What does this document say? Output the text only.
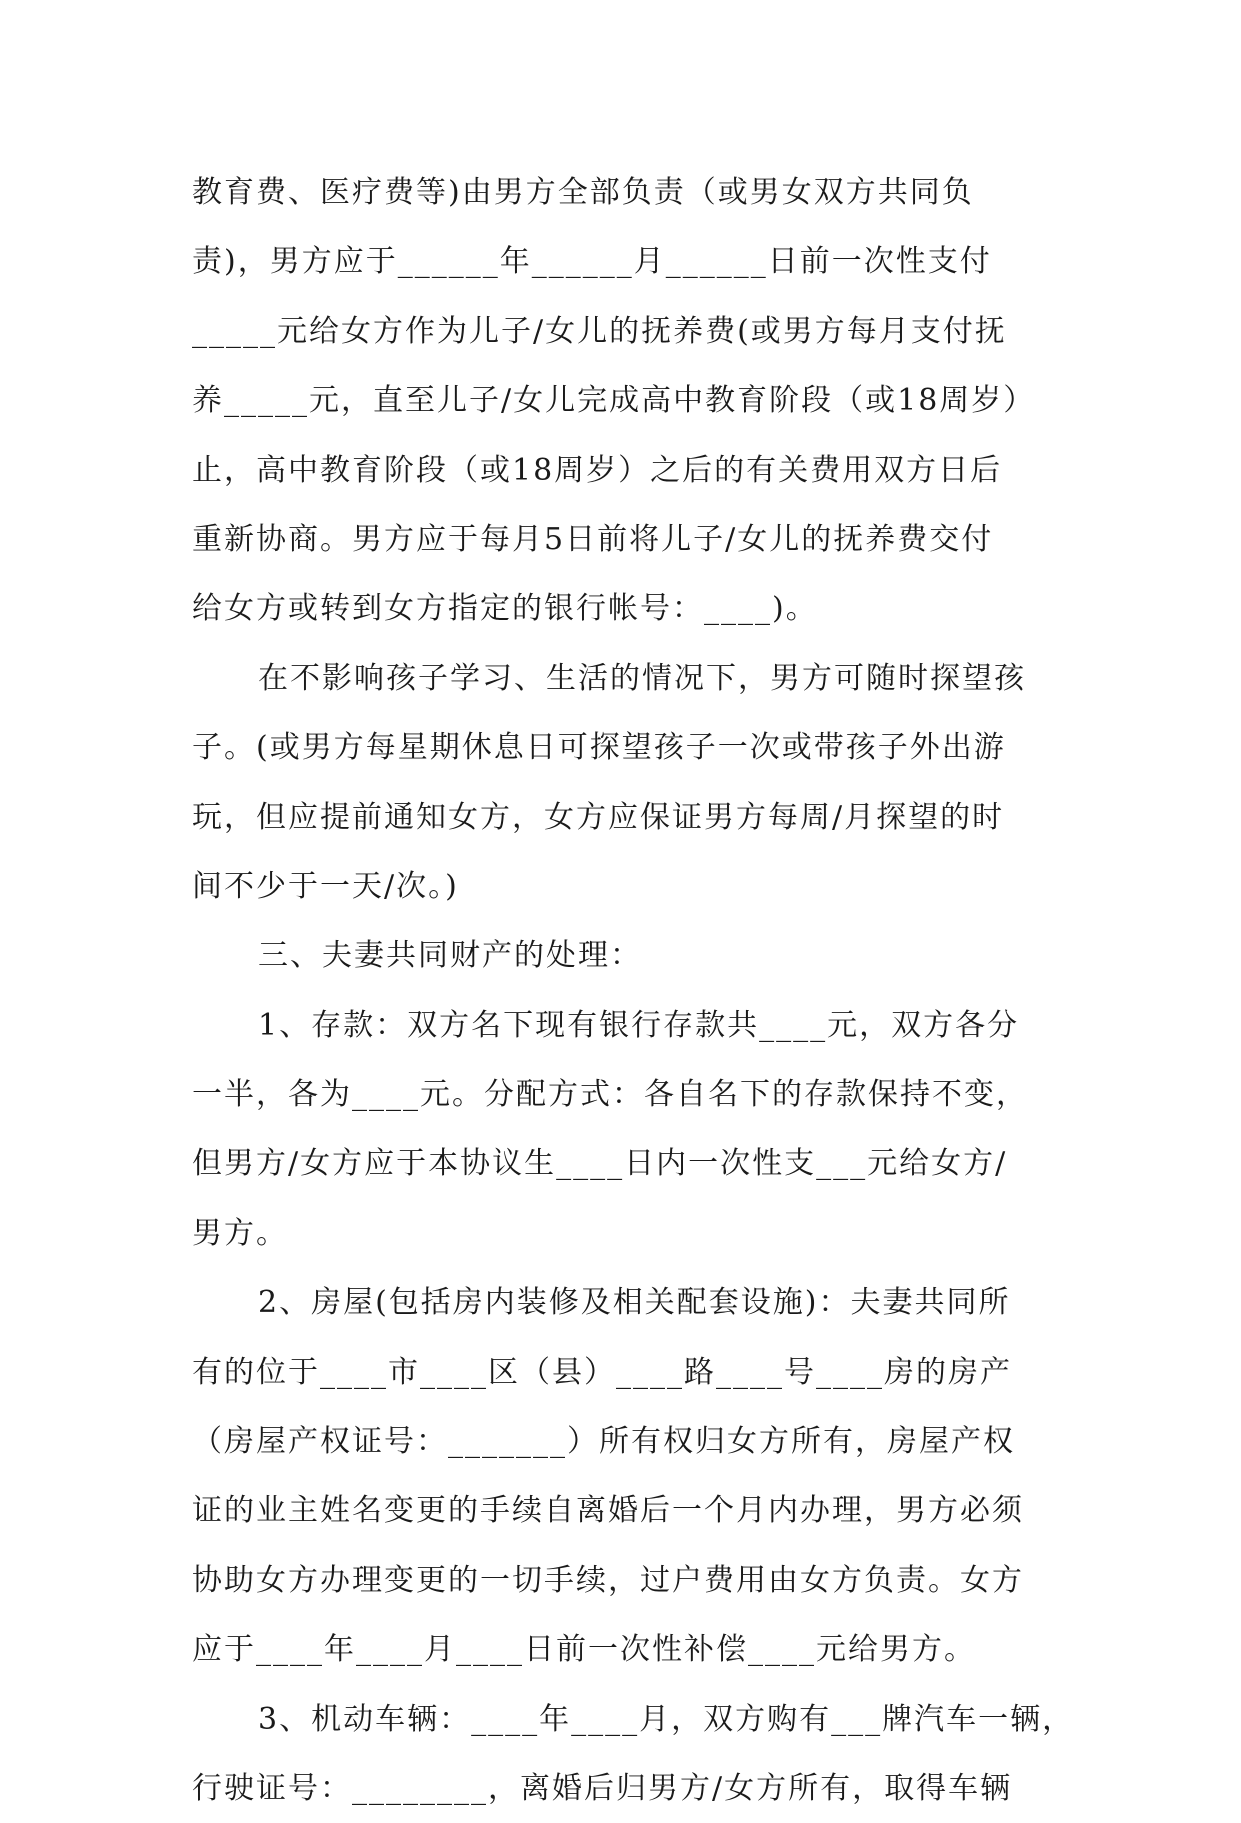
教育费、医疗费等)由男方全部负责（或男女双方共同负
责)，男方应于______年______月______日前一次性支付
_____元给女方作为儿子/女儿的抚养费(或男方每月支付抚
养_____元，直至儿子/女儿完成高中教育阶段（或18周岁）
止，高中教育阶段（或18周岁）之后的有关费用双方日后
重新协商。男方应于每月5日前将儿子/女儿的抚养费交付
给女方或转到女方指定的银行帐号：____)。
在不影响孩子学习、生活的情况下，男方可随时探望孩
子。(或男方每星期休息日可探望孩子一次或带孩子外出游
玩，但应提前通知女方，女方应保证男方每周/月探望的时
间不少于一天/次。)
三、夫妻共同财产的处理：
1、存款：双方名下现有银行存款共____元，双方各分
一半，各为____元。分配方式：各自名下的存款保持不变，
但男方/女方应于本协议生____日内一次性支___元给女方/
男方。
2、房屋(包括房内装修及相关配套设施)：夫妻共同所
有的位于____市____区（县）____路____号____房的房产
（房屋产权证号：_______）所有权归女方所有，房屋产权
证的业主姓名变更的手续自离婚后一个月内办理，男方必须
协助女方办理变更的一切手续，过户费用由女方负责。女方
应于____年____月____日前一次性补偿____元给男方。
3、机动车辆：____年____月，双方购有___牌汽车一辆，
行驶证号：________，离婚后归男方/女方所有，取得车辆
